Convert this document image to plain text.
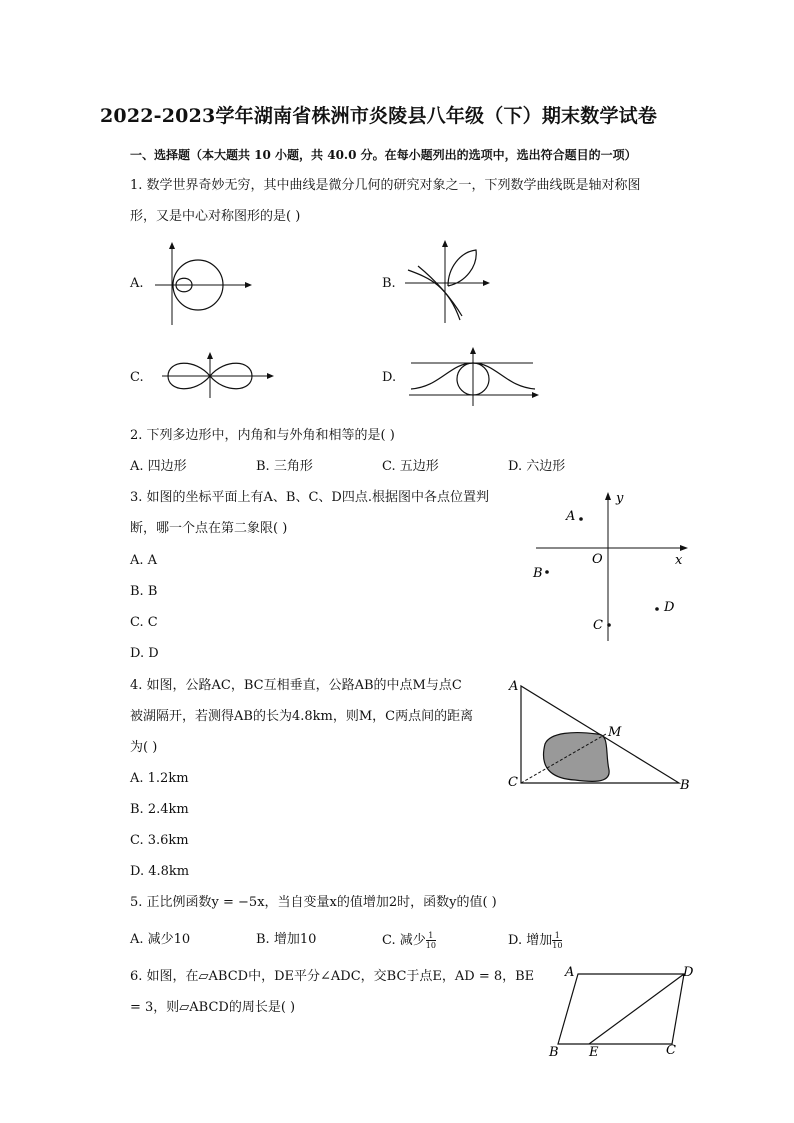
2022-2023学年湖南省株洲市炎陵县八年级（下）期末数学试卷
一、选择题（本大题共 10 小题，共 40.0 分。在每小题列出的选项中，选出符合题目的一项）
1. 数学世界奇妙无穷，其中曲线是微分几何的研究对象之一，下列数学曲线既是轴对称图
形，又是中心对称图形的是( )
A.	B.
C.	D.
2. 下列多边形中，内角和与外角和相等的是( )
A. 四边形	B. 三角形	C. 五边形	D. 六边形
3. 如图的坐标平面上有A、B、C、D四点.根据图中各点位置判
断，哪一个点在第二象限( )
A. A
B. B
C. C
D. D
y
x
O
A
B
C
D
4. 如图，公路AC，BC互相垂直，公路AB的中点M与点C
被湖隔开，若测得AB的长为4.8km，则M，C两点间的距离
为( )
A. 1.2km
B. 2.4km
C. 3.6km
D. 4.8km
A
C	B
M
5. 正比例函数y = −5x，当自变量x的值增加2时，函数y的值( )
A. 减少10	B. 增加10	C. 减少 $\frac{1}{10}$	D. 增加 $\frac{1}{10}$
6. 如图，在▱ABCD中，DE平分∠ADC，交BC于点E，AD = 8，BE
= 3，则▱ABCD的周长是( )
A	D
B E	C
